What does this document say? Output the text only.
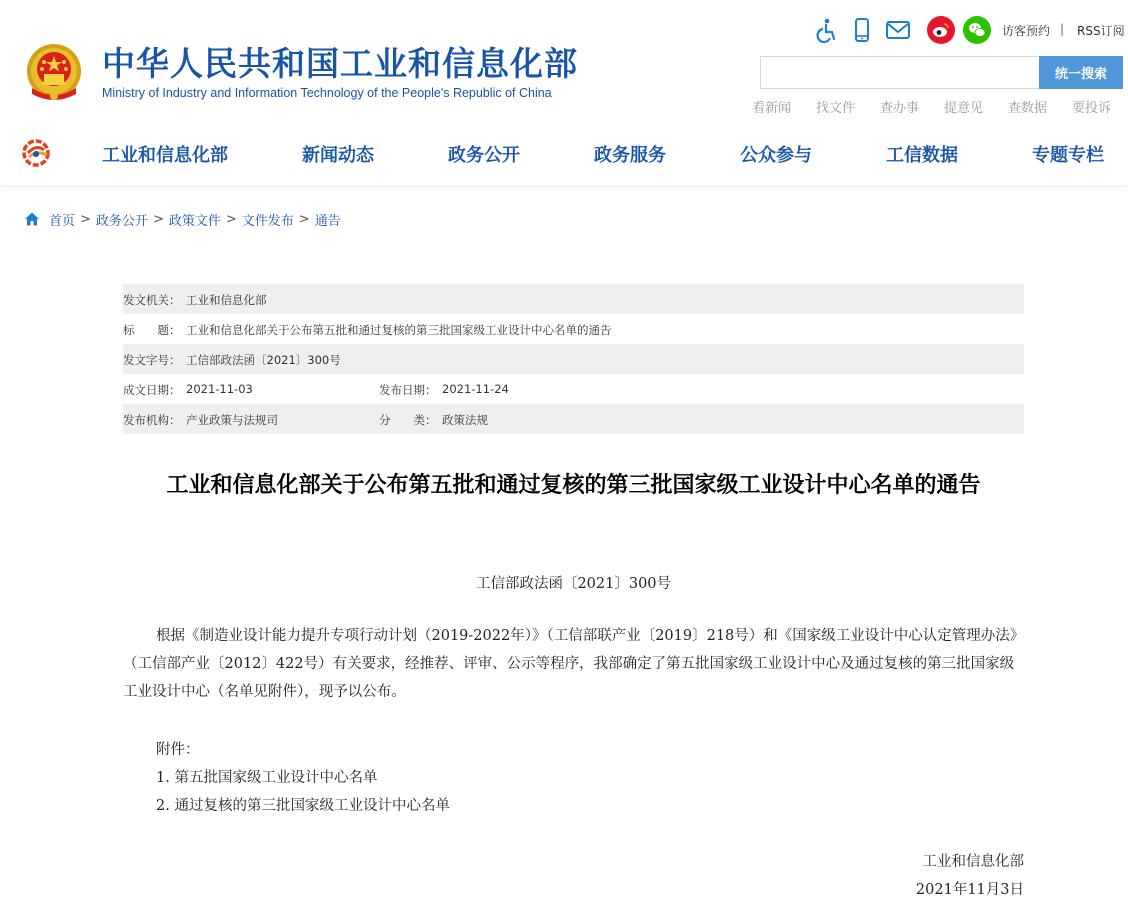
中华人民共和国工业和信息化部
Ministry of Industry and Information Technology of the People's Republic of China
访客预约 | RSS订阅
统一搜索
看新闻 找文件 查办事 提意见 查数据 要投诉
工业和信息化部	新闻动态	政务公开	政务服务	公众参与	工信数据	专题专栏
首页 > 政务公开 > 政策文件 > 文件发布 > 通告
发文机关： 工业和信息化部
标　　题： 工业和信息化部关于公布第五批和通过复核的第三批国家级工业设计中心名单的通告
发文字号： 工信部政法函〔2021〕300号
成文日期： 2021-11-03	发布日期： 2021-11-24
发布机构： 产业政策与法规司	分　　类： 政策法规
工业和信息化部关于公布第五批和通过复核的第三批国家级工业设计中心名单的通告
工信部政法函〔2021〕300号
根据《制造业设计能力提升专项行动计划（2019-2022年）》（工信部联产业〔2019〕218号）和《国家级工业设计中心认定管理办法》（工信部产业〔2012〕422号）有关要求，经推荐、评审、公示等程序，我部确定了第五批国家级工业设计中心及通过复核的第三批国家级工业设计中心（名单见附件），现予以公布。
附件：
1. 第五批国家级工业设计中心名单
2. 通过复核的第三批国家级工业设计中心名单
工业和信息化部
2021年11月3日
